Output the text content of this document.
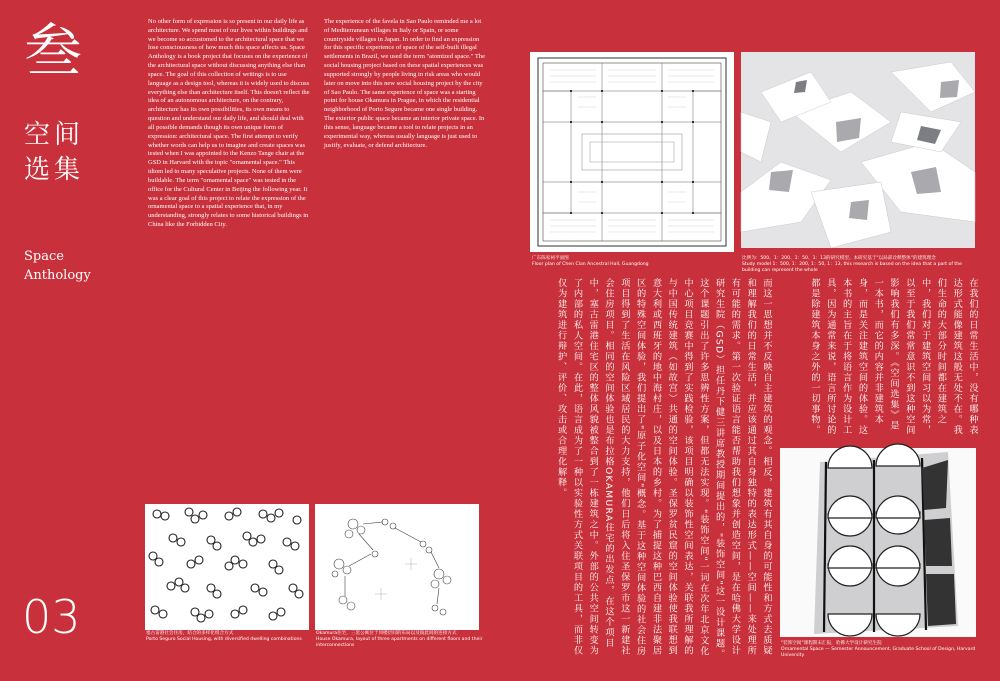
叁
空间选集
Space
Anthology
03

No other form of expression is so present in our daily life as architecture. We spend most of our lives within buildings and we become so accustomed to the architectural space that we lose consciousness of how much this space affects us. Space Anthology is a book project that focuses on the experience of the architectural space without discussing anything else than space. The goal of this collection of writings is to use language as a design tool, whereas it is widely used to discuss everything else than architecture itself. This doesn't reflect the idea of an autonomous architecture, on the contrary, architecture has its own possibilities, its own means to question and understand our daily life, and should deal with all possible demands though its own unique form of expression: architectural space. The first attempt to verify whether words can help us to imagine and create spaces was tested when I was appointed to the Kenzo Tange chair at the GSD in Harvard with the topic "ornamental space." This idiom led to many speculative projects. None of them were buildable. The term "ornamental space" was tested in the office for the Cultural Center in Beijing the following year. It was a clear goal of this project to relate the expression of the ornamental space to a spatial experience that, in my understanding, strongly relates to some historical buildings in China like the Forbidden City.

The experience of the favela in Sao Paulo reminded me a lot of Mediterranean villages in Italy or Spain, or some countryside villages in Japan. In order to find an expression for this specific experience of space of the self-built illegal settlements in Brazil, we used the term "atomized space." The social housing project based on these spatial experiences was supported strongly by people living in risk areas who would later on move into this new social housing project by the city of Sao Paulo. The same experience of space was a starting point for house Okamura in Prague, in which the residential neighborhood of Porto Segure became one single building. The exterior public space became an interior private space. In this sense, language became a tool to relate projects in an experimental way, whereas usually language is just used to justify, evaluate, or defend architecture.

广东陈家祠平面图
Floor plan of Chen Clan Ancestral Hall, Guangdong
比例为：500、1：200、1：50、1：13的研究模型。本研究基于"以局部诠释整体"的建筑理念
Study model 1：500, 1：200, 1：50, 1：13, this research is based on the idea that a part of the building can represent the whole
在我们的日常生活中，没有哪种表达形式能像建筑这般无处不在。我们生命的大部分时间都在建筑之中，我们对于建筑空间习以为常，以至于我们常常意识不到这种空间影响我们有多深。《空间选集》是一本书，而它的内容并非建筑本身，而是关注建筑空间的体验。这本书的主旨在于将语言作为设计工具，因为通常来说，语言所讨论的都是除建筑本身之外的一切事物。
而这一思想并不反映自主建筑的观念。相反，建筑有其自身的可能性和方式去质疑和理解我们的日常生活，并应该通过其自身独特的表达形式——空间——来处理所有可能的需求。第一次验证语言能否帮助我们想象并创造空间，是在哈佛大学设计研究生院（GSD）担任丹下健三讲席教授期间提出的，"装饰空间"这一设计课题。这个课题引出了许多思辨性方案，但都无法实现。"装饰空间"一词在次年北京文化中心项目竞赛中得到了实践检验，该项目明确以装饰性空间表达，关联我所理解的与中国传统建筑（如故宫）共通的空间体验。圣保罗贫民窟的空间体验使我联想到意大利或西班牙的地中海村庄，以及日本的乡村。为了捕捉这种巴西自建非法聚居区的特殊空间体验，我们提出了"原子化空间"概念。基于这种空间体验的社会住房项目得到了生活在风险区域居民的大力支持，他们日后将入住圣保罗市这一新建社会住房项目。相同的空间体验也是布拉格OKAMURA住宅的出发点，在这个项目中，塞古雷港住宅区的整体风貌被整合到了一栋建筑之中。外部的公共空间转变为了内部的私人空间。在此，语言成为了一种以实验性方式关联项目的工具，而非仅仅为建筑进行辩护、评价、攻击或合理化解释。
塞古雷港社会住房，结合的多样化组合方式
Porto Seguro Social Housing, with diversified dwelling combinations
Okamura住宅，三套公寓位于同楼层间的布局以及彼此间的连接方式
House Okamura, layout of three apartments on different floors and their interconnections	"装饰空间"课程期末汇报，哈佛大学设计研究生院
Ornamental Space — Semester Announcement, Graduate School of Design, Harvard University
